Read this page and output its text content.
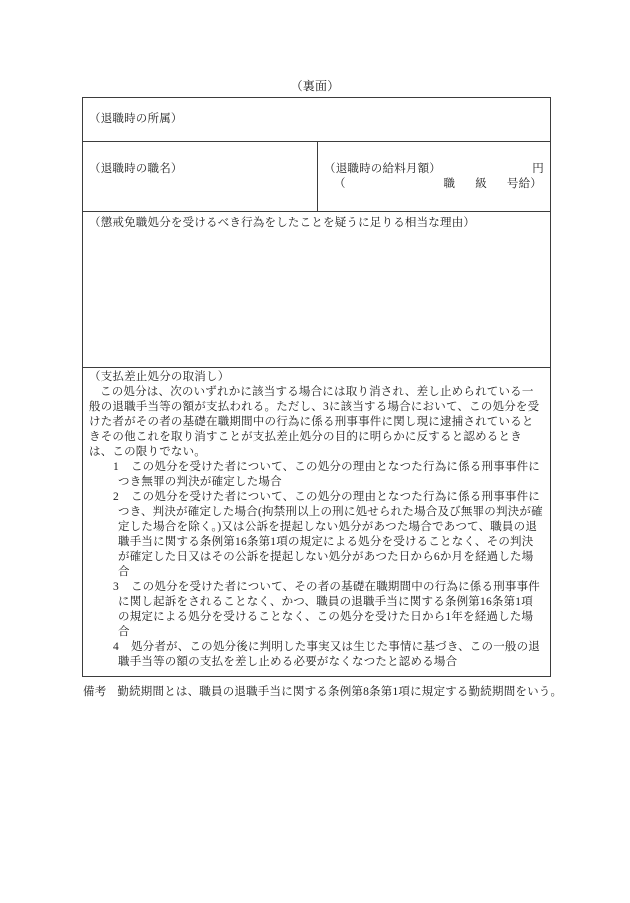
（裏面）
（退職時の所属）
（退職時の職名）	（退職時の給料月額）	円
（	職 級 号給）
（懲戒免職処分を受けるべき行為をしたことを疑うに足りる相当な理由）
（支払差止処分の取消し）
この処分は、次のいずれかに該当する場合には取り消され、差し止められている一般の退職手当等の額が支払われる。ただし、3に該当する場合において、この処分を受けた者がその者の基礎在職期間中の行為に係る刑事事件に関し現に逮捕されているときその他これを取り消すことが支払差止処分の目的に明らかに反すると認めるときは、この限りでない。
1 この処分を受けた者について、この処分の理由となつた行為に係る刑事事件につき無罪の判決が確定した場合
2 この処分を受けた者について、この処分の理由となつた行為に係る刑事事件につき、判決が確定した場合(拘禁刑以上の刑に処せられた場合及び無罪の判決が確定した場合を除く。)又は公訴を提起しない処分があつた場合であつて、職員の退職手当に関する条例第16条第1項の規定による処分を受けることなく、その判決が確定した日又はその公訴を提起しない処分があつた日から6か月を経過した場合
3 この処分を受けた者について、その者の基礎在職期間中の行為に係る刑事事件に関し起訴をされることなく、かつ、職員の退職手当に関する条例第16条第1項の規定による処分を受けることなく、この処分を受けた日から1年を経過した場合
4 処分者が、この処分後に判明した事実又は生じた事情に基づき、この一般の退職手当等の額の支払を差し止める必要がなくなつたと認める場合
備考 勤続期間とは、職員の退職手当に関する条例第8条第1項に規定する勤続期間をいう。
